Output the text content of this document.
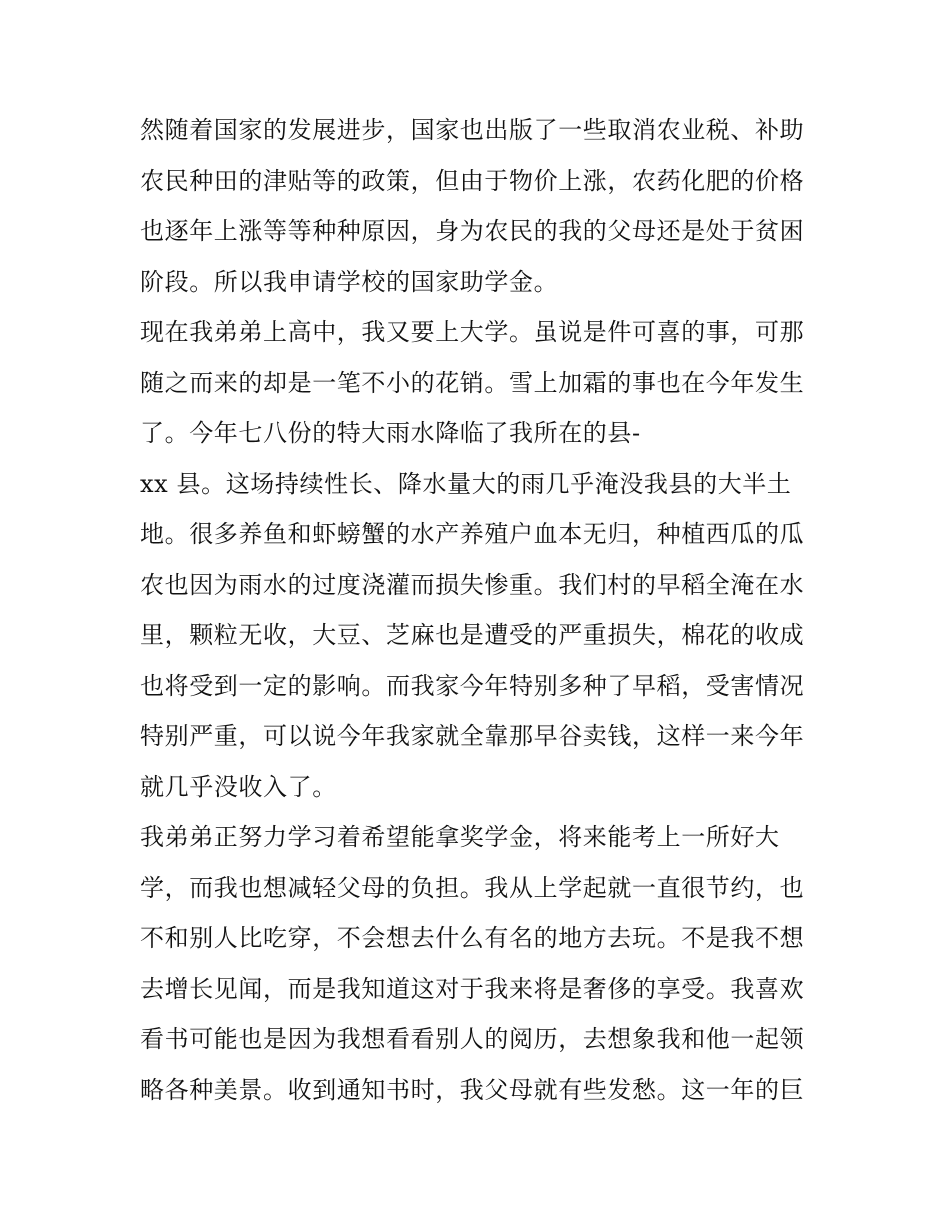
然随着国家的发展进步，国家也出版了一些取消农业税、补助
农民种田的津贴等的政策，但由于物价上涨，农药化肥的价格
也逐年上涨等等种种原因，身为农民的我的父母还是处于贫困
阶段。所以我申请学校的国家助学金。
现在我弟弟上高中，我又要上大学。虽说是件可喜的事，可那
随之而来的却是一笔不小的花销。雪上加霜的事也在今年发生
了。今年七八份的特大雨水降临了我所在的县-
xx 县。这场持续性长、降水量大的雨几乎淹没我县的大半土
地。很多养鱼和虾螃蟹的水产养殖户血本无归，种植西瓜的瓜
农也因为雨水的过度浇灌而损失惨重。我们村的早稻全淹在水
里，颗粒无收，大豆、芝麻也是遭受的严重损失，棉花的收成
也将受到一定的影响。而我家今年特别多种了早稻，受害情况
特别严重，可以说今年我家就全靠那早谷卖钱，这样一来今年
就几乎没收入了。
我弟弟正努力学习着希望能拿奖学金，将来能考上一所好大
学，而我也想减轻父母的负担。我从上学起就一直很节约，也
不和别人比吃穿，不会想去什么有名的地方去玩。不是我不想
去增长见闻，而是我知道这对于我来将是奢侈的享受。我喜欢
看书可能也是因为我想看看别人的阅历，去想象我和他一起领
略各种美景。收到通知书时，我父母就有些发愁。这一年的巨
